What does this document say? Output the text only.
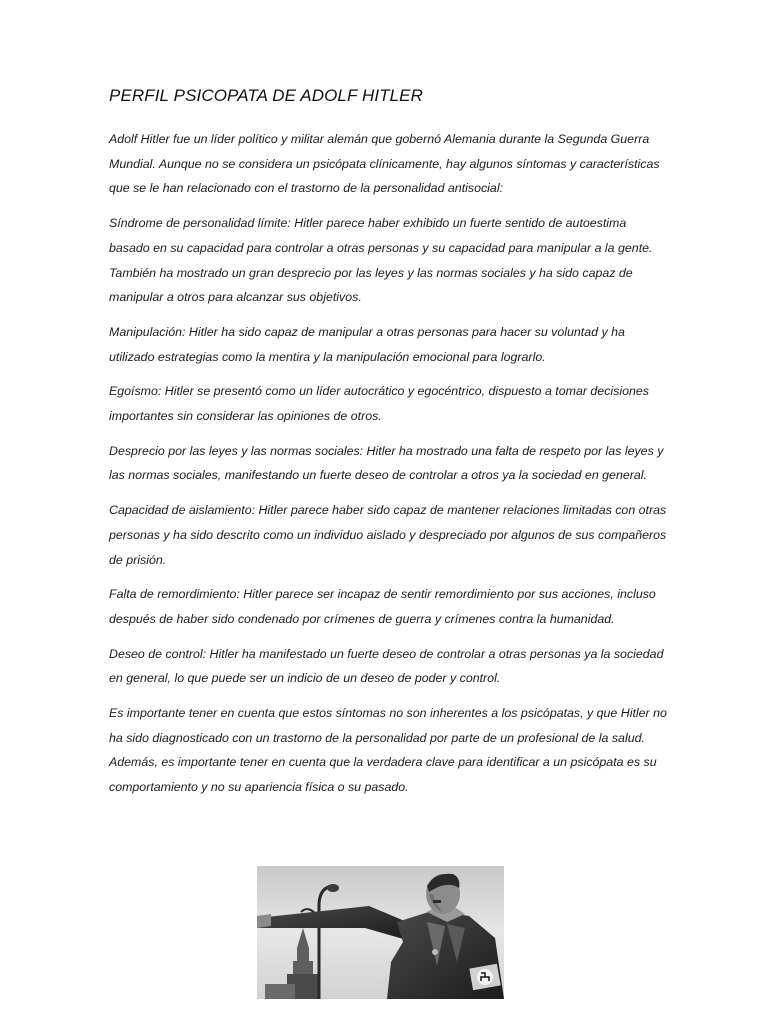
PERFIL PSICOPATA DE ADOLF HITLER

Adolf Hitler fue un líder político y militar alemán que gobernó Alemania durante la Segunda Guerra Mundial. Aunque no se considera un psicópata clínicamente, hay algunos síntomas y características que se le han relacionado con el trastorno de la personalidad antisocial:

Síndrome de personalidad límite: Hitler parece haber exhibido un fuerte sentido de autoestima basado en su capacidad para controlar a otras personas y su capacidad para manipular a la gente. También ha mostrado un gran desprecio por las leyes y las normas sociales y ha sido capaz de manipular a otros para alcanzar sus objetivos.

Manipulación: Hitler ha sido capaz de manipular a otras personas para hacer su voluntad y ha utilizado estrategias como la mentira y la manipulación emocional para lograrlo.

Egoísmo: Hitler se presentó como un líder autocrático y egocéntrico, dispuesto a tomar decisiones importantes sin considerar las opiniones de otros.

Desprecio por las leyes y las normas sociales: Hitler ha mostrado una falta de respeto por las leyes y las normas sociales, manifestando un fuerte deseo de controlar a otros ya la sociedad en general.

Capacidad de aislamiento: Hitler parece haber sido capaz de mantener relaciones limitadas con otras personas y ha sido descrito como un individuo aislado y despreciado por algunos de sus compañeros de prisión.

Falta de remordimiento: Hitler parece ser incapaz de sentir remordimiento por sus acciones, incluso después de haber sido condenado por crímenes de guerra y crímenes contra la humanidad.

Deseo de control: Hitler ha manifestado un fuerte deseo de controlar a otras personas ya la sociedad en general, lo que puede ser un indicio de un deseo de poder y control.

Es importante tener en cuenta que estos síntomas no son inherentes a los psicópatas, y que Hitler no ha sido diagnosticado con un trastorno de la personalidad por parte de un profesional de la salud. Además, es importante tener en cuenta que la verdadera clave para identificar a un psicópata es su comportamiento y no su apariencia física o su pasado.
